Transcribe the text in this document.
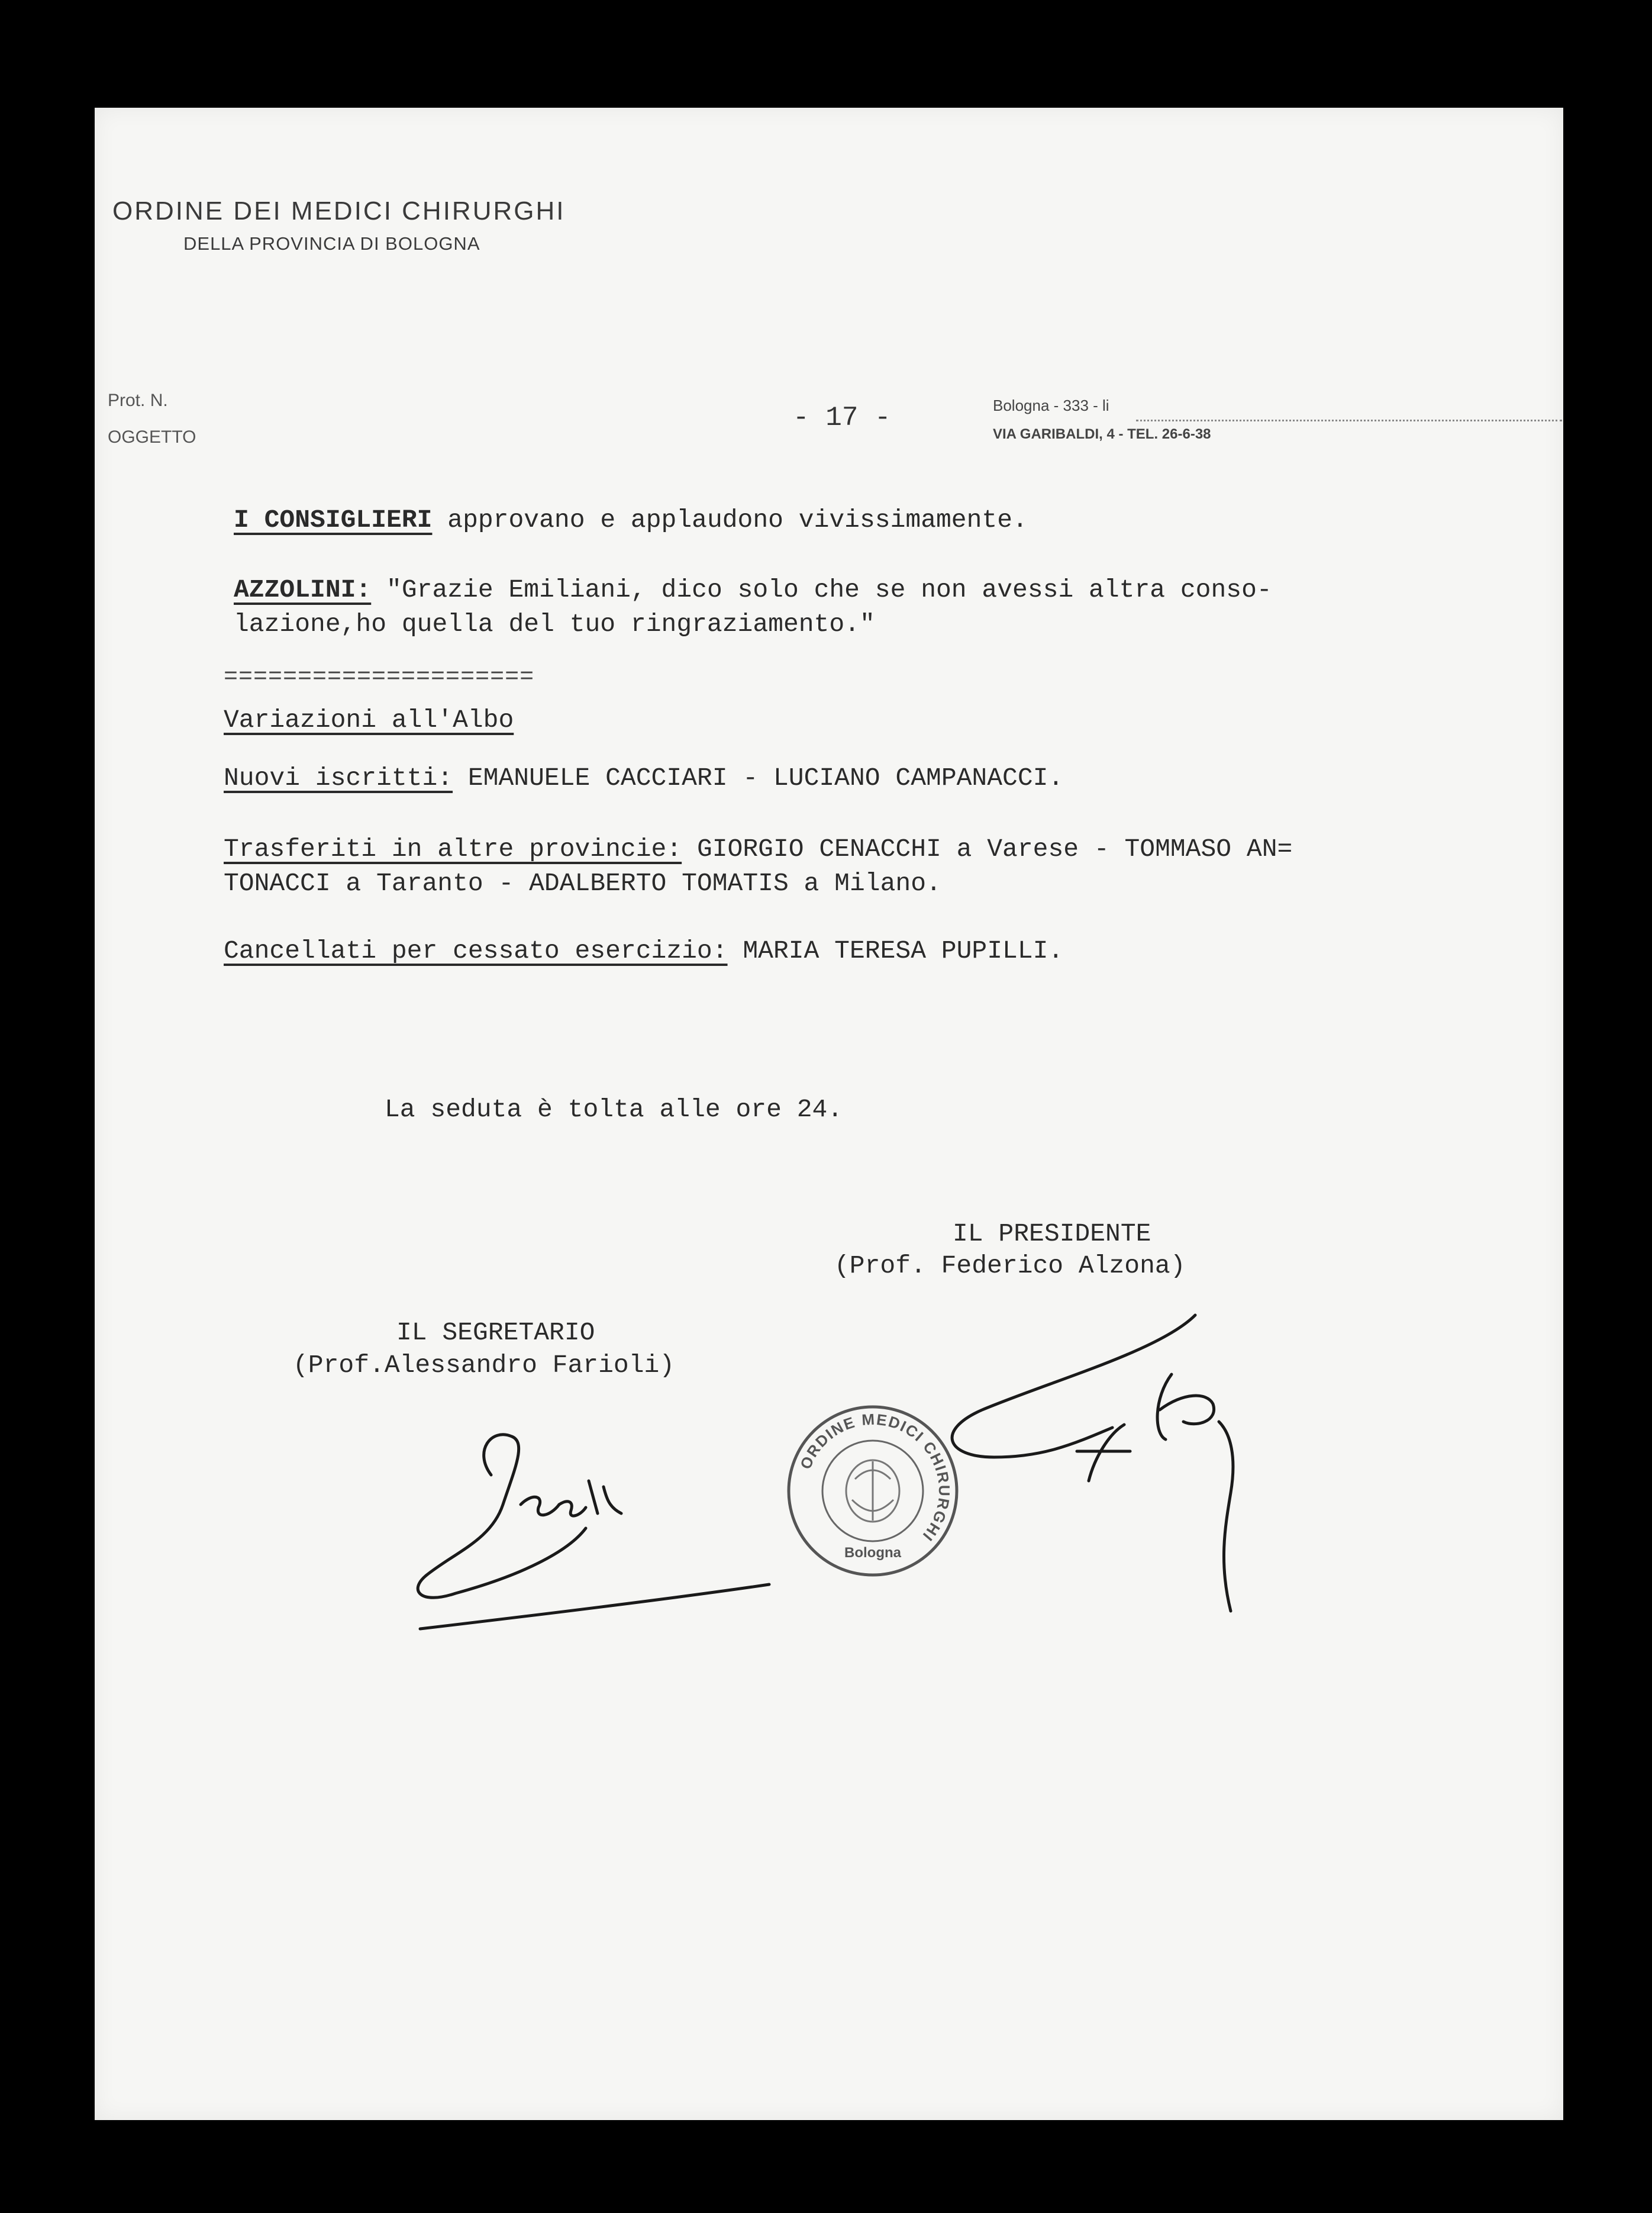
ORDINE DEI MEDICI CHIRURGHI
DELLA PROVINCIA DI BOLOGNA
Prot. N.
OGGETTO
- 17 -	Bologna - 333 - li
VIA GARIBALDI, 4 - TEL. 26-6-38
I CONSIGLIERI approvano e applaudono vivissimamente.
AZZOLINI: "Grazie Emiliani, dico solo che se non avessi altra conso-
lazione,ho quella del tuo ringraziamento."
=====================
Variazioni all'Albo
Nuovi iscritti: EMANUELE CACCIARI - LUCIANO CAMPANACCI.
Trasferiti in altre provincie: GIORGIO CENACCHI a Varese - TOMMASO AN=
TONACCI a Taranto - ADALBERTO TOMATIS a Milano.
Cancellati per cessato esercizio: MARIA TERESA PUPILLI.
La seduta è tolta alle ore 24.
IL PRESIDENTE
(Prof. Federico Alzona)
IL SEGRETARIO
(Prof.Alessandro Farioli)
ORDINE MEDICI CHIRURGHI
Bologna
